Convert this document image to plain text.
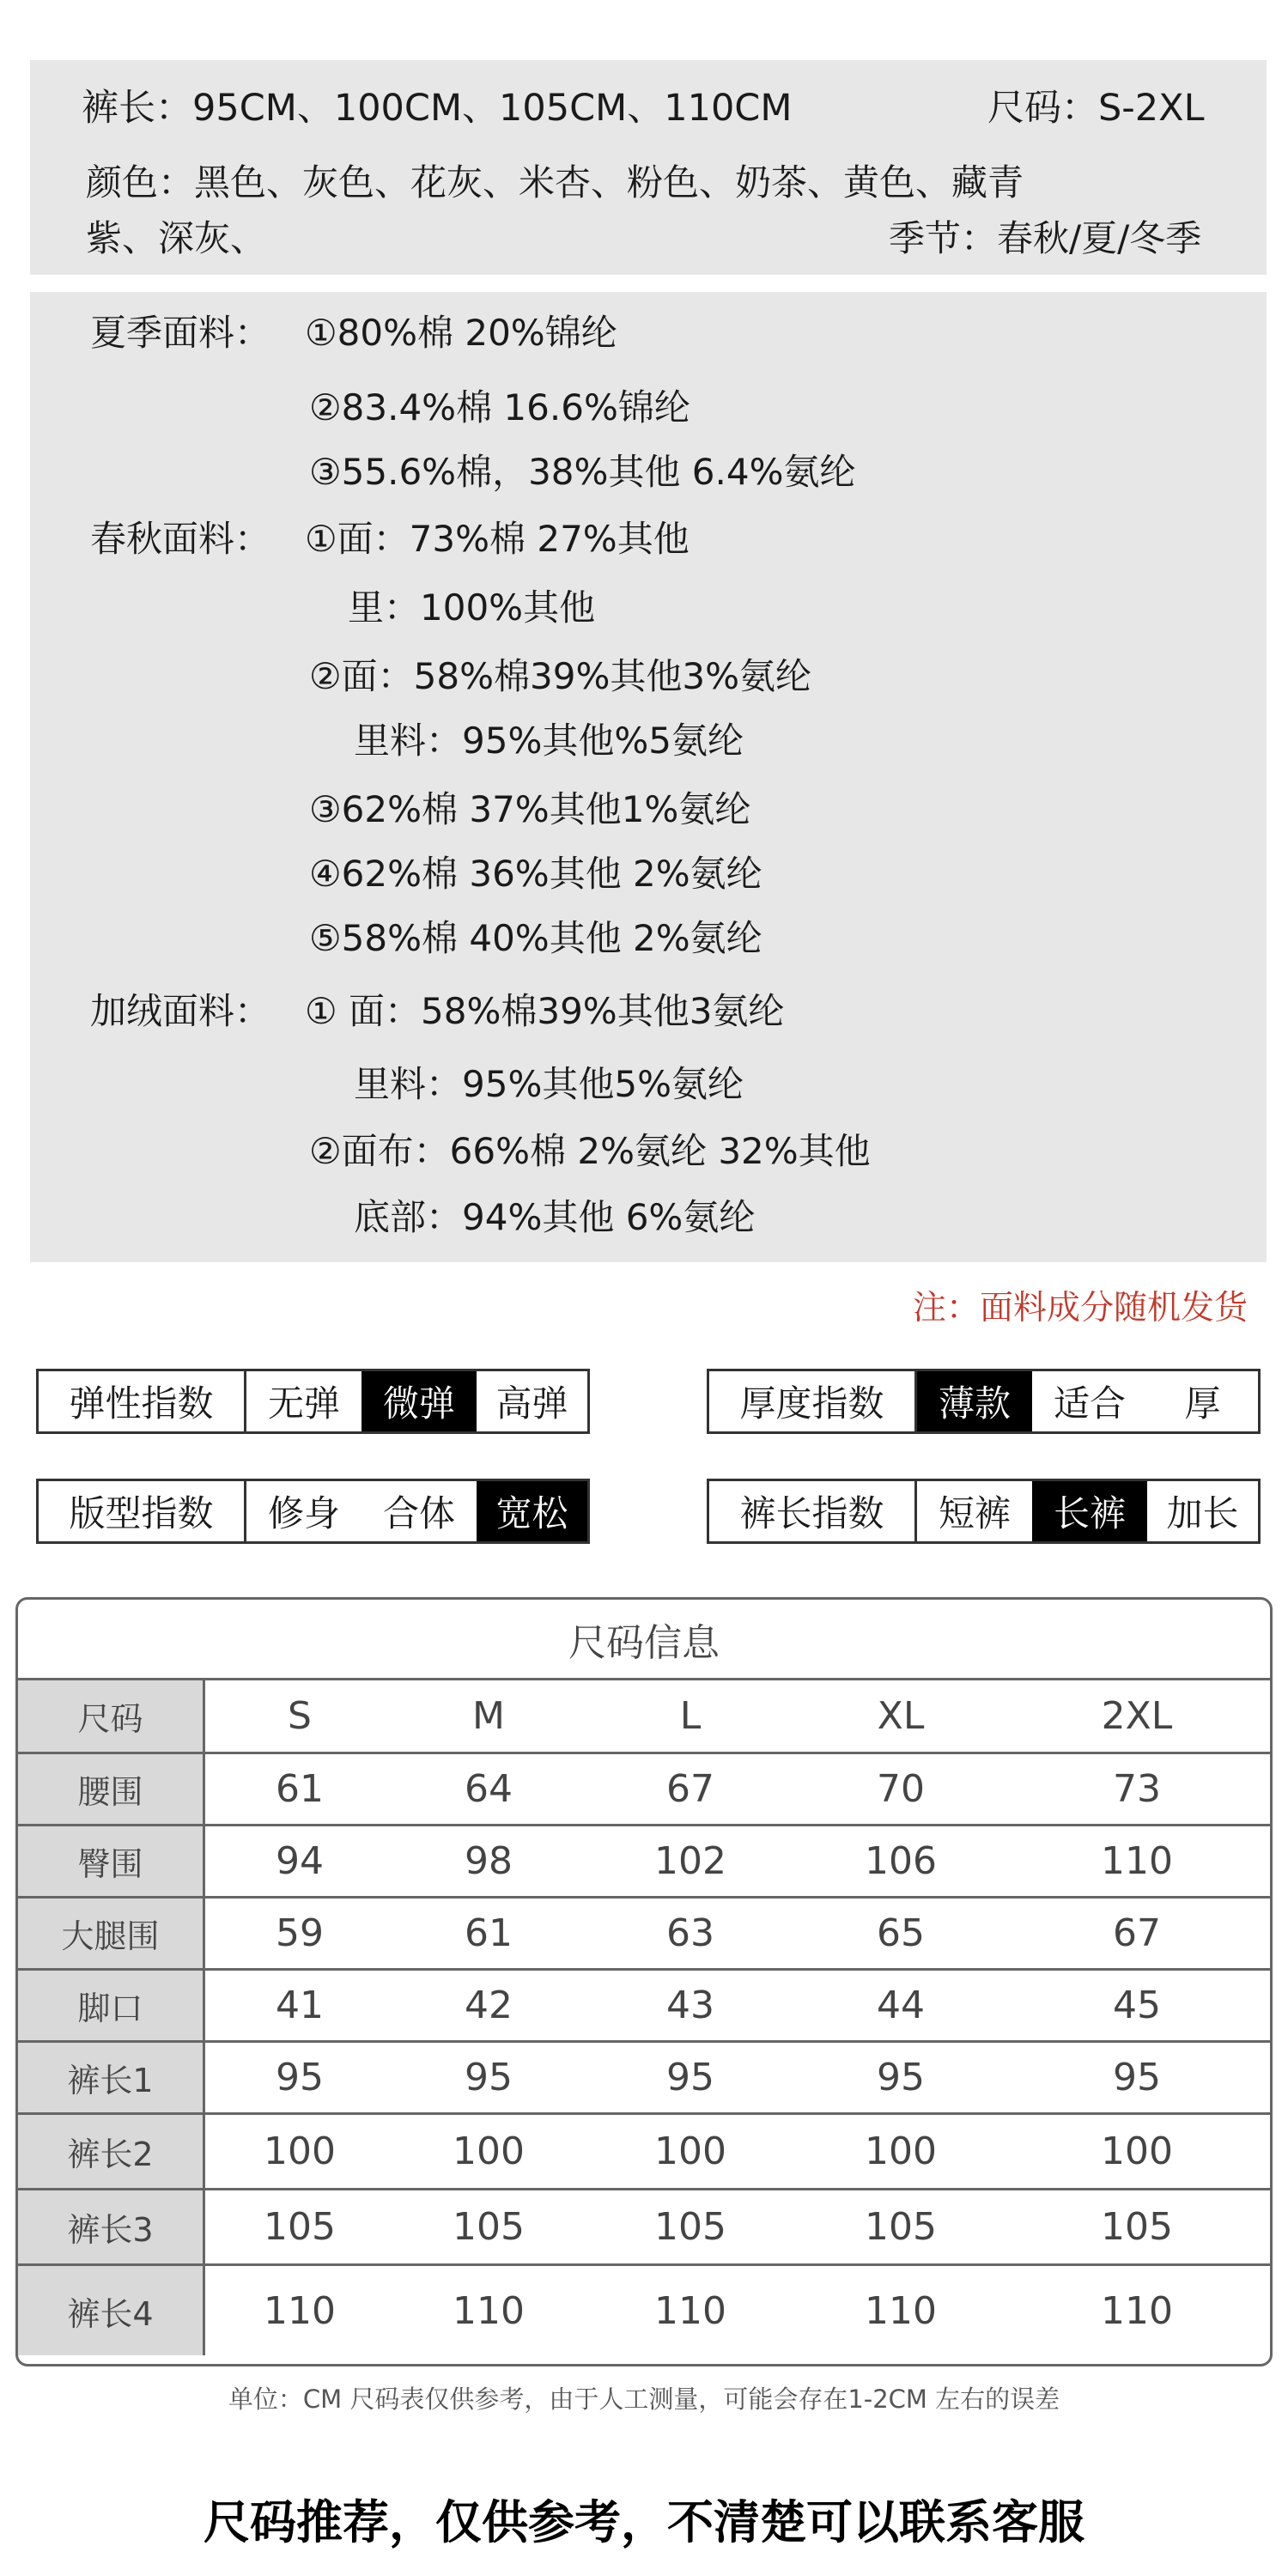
裤长：95CM、100CM、105CM、110CM	尺码：S-2XL
颜色：黑色、灰色、花灰、米杏、粉色、奶茶、黄色、藏青
紫、深灰、	季节：春秋/夏/冬季
夏季面料： ①80%棉 20%锦纶
②83.4%棉 16.6%锦纶
③55.6%棉，38%其他 6.4%氨纶
春秋面料： ①面：73%棉 27%其他
里：100%其他
②面：58%棉39%其他3%氨纶
里料：95%其他%5氨纶
③62%棉 37%其他1%氨纶
④62%棉 36%其他 2%氨纶
⑤58%棉 40%其他 2%氨纶
加绒面料： ① 面：58%棉39%其他3氨纶
里料：95%其他5%氨纶
②面布：66%棉 2%氨纶 32%其他
底部：94%其他 6%氨纶
注：面料成分随机发货
弹性指数	无弹	微弹	高弹	厚度指数	薄款	适合	厚
版型指数	修身	合体	宽松	裤长指数	短裤	长裤	加长
尺码信息
尺码	S	M	L	XL	2XL
腰围	61	64	67	70	73
臀围	94	98	102	106	110
大腿围	59	61	63	65	67
脚口	41	42	43	44	45
裤长1	95	95	95	95	95
裤长2	100	100	100	100	100
裤长3	105	105	105	105	105
裤长4	110	110	110	110	110
单位：CM 尺码表仅供参考，由于人工测量，可能会存在1-2CM 左右的误差
尺码推荐，仅供参考，不清楚可以联系客服
